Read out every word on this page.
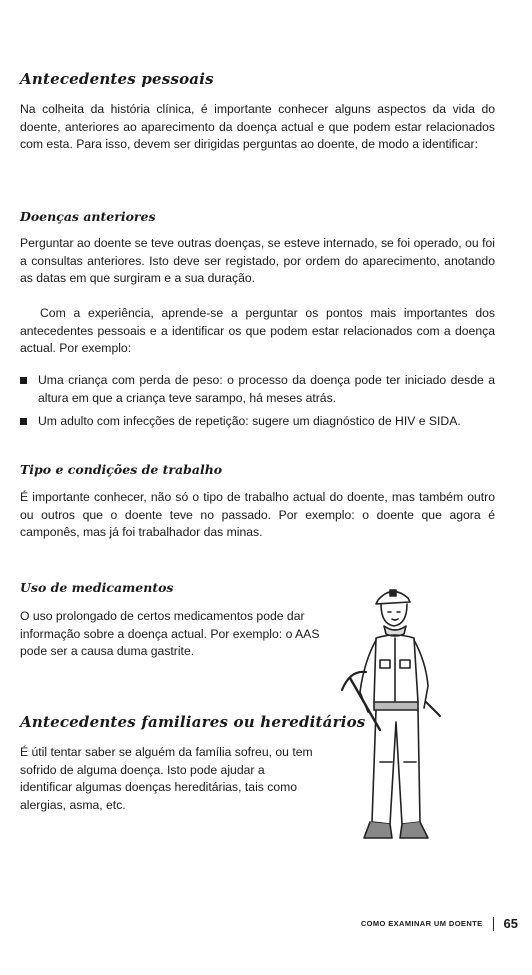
Antecedentes pessoais

Na colheita da história clínica, é importante conhecer alguns aspectos da vida do doente, anteriores ao aparecimento da doença actual e que podem estar relacionados com esta. Para isso, devem ser dirigidas perguntas ao doente, de modo a identificar:

Doenças anteriores

Perguntar ao doente se teve outras doenças, se esteve internado, se foi operado, ou foi a consultas anteriores. Isto deve ser registado, por ordem do aparecimento, anotando as datas em que surgiram e a sua duração.

Com a experiência, aprende-se a perguntar os pontos mais importantes dos antecedentes pessoais e a identificar os que podem estar relacionados com a doença actual. Por exemplo:

Uma criança com perda de peso: o processo da doença pode ter iniciado desde a altura em que a criança teve sarampo, há meses atrás.
Um adulto com infecções de repetição: sugere um diagnóstico de HIV e SIDA.
Tipo e condições de trabalho

É importante conhecer, não só o tipo de trabalho actual do doente, mas também outro ou outros que o doente teve no passado. Por exemplo: o doente que agora é camponês, mas já foi trabalhador das minas.

Uso de medicamentos

O uso prolongado de certos medicamentos pode dar informação sobre a doença actual. Por exemplo: o AAS pode ser a causa duma gastrite.

Antecedentes familiares ou hereditários

É útil tentar saber se alguém da família sofreu, ou tem sofrido de alguma doença. Isto pode ajudar a identificar algumas doenças hereditárias, tais como alergias, asma, etc.

COMO EXAMINAR UM DOENTE 65
